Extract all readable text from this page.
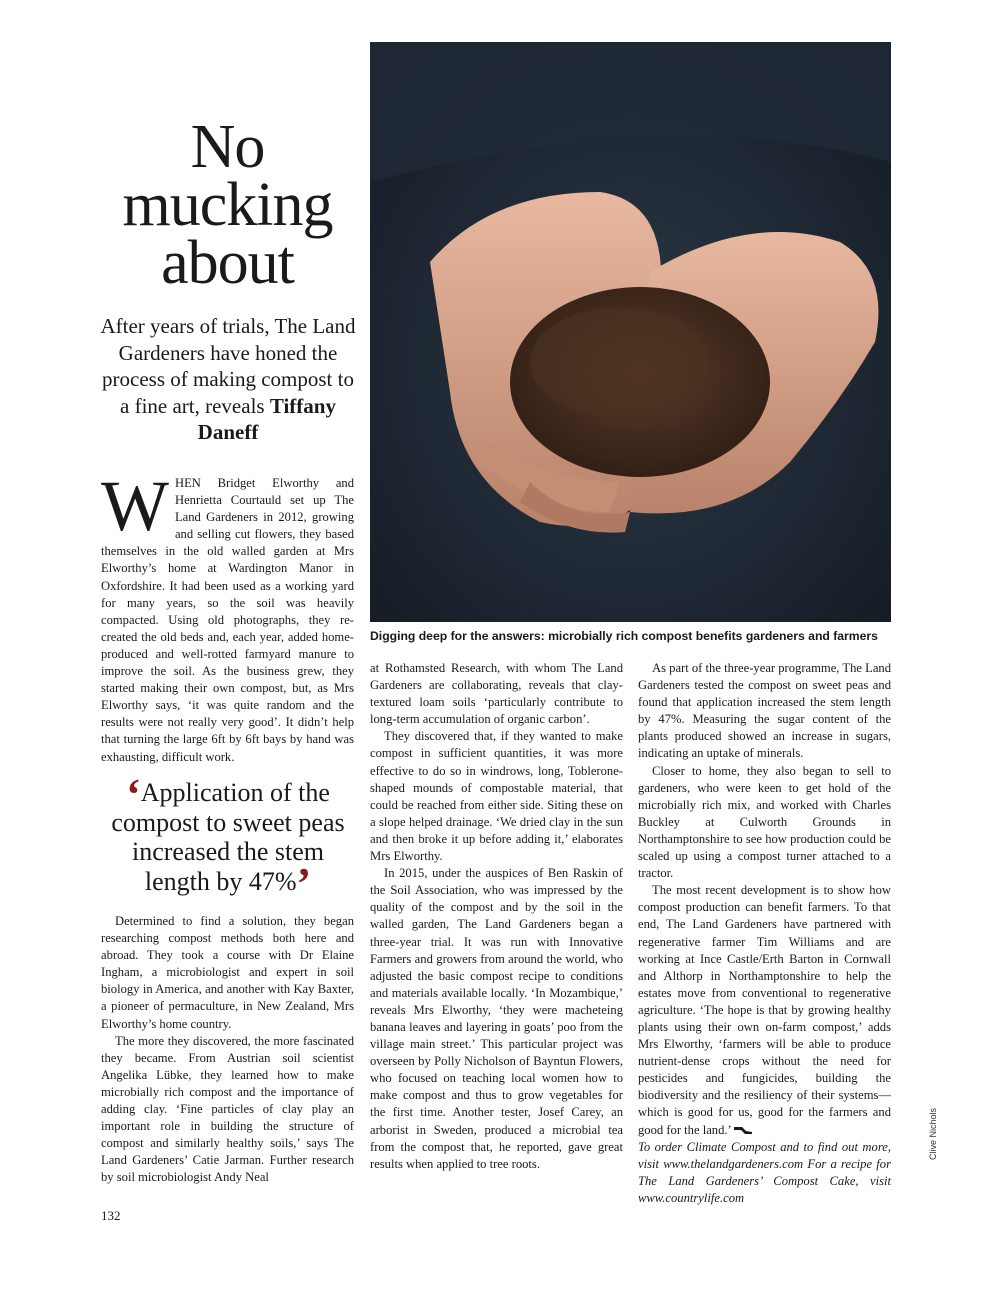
No
mucking
about

After years of trials, The Land Gardeners have honed the process of making compost to a fine art, reveals Tiffany Daneff

Digging deep for the answers: microbially rich compost benefits gardeners and farmers

WHEN Bridget Elworthy and Henrietta Courtauld set up The Land Gardeners in 2012, growing and selling cut flowers, they based themselves in the old walled garden at Mrs Elworthy’s home at Wardington Manor in Oxfordshire. It had been used as a working yard for many years, so the soil was heavily compacted. Using old photographs, they re-created the old beds and, each year, added home-produced and well-rotted farmyard manure to improve the soil. As the business grew, they started making their own compost, but, as Mrs Elworthy says, ‘it was quite random and the results were not really very good’. It didn’t help that turning the large 6ft by 6ft bays by hand was exhausting, difficult work.

‘Application of the compost to sweet peas increased the stem length by 47%’

Determined to find a solution, they began researching compost methods both here and abroad. They took a course with Dr Elaine Ingham, a microbiologist and expert in soil biology in America, and another with Kay Baxter, a pioneer of permaculture, in New Zealand, Mrs Elworthy’s home country.

The more they discovered, the more fascinated they became. From Austrian soil scientist Angelika Lübke, they learned how to make microbially rich compost and the importance of adding clay. ‘Fine particles of clay play an important role in building the structure of compost and similarly healthy soils,’ says The Land Gardeners’ Catie Jarman. Further research by soil microbiologist Andy Neal

at Rothamsted Research, with whom The Land Gardeners are collaborating, reveals that clay-textured loam soils ‘particularly contribute to long-term accumulation of organic carbon’.

They discovered that, if they wanted to make compost in sufficient quantities, it was more effective to do so in windrows, long, Toblerone-shaped mounds of compostable material, that could be reached from either side. Siting these on a slope helped drainage. ‘We dried clay in the sun and then broke it up before adding it,’ elaborates Mrs Elworthy.

In 2015, under the auspices of Ben Raskin of the Soil Association, who was impressed by the quality of the compost and by the soil in the walled garden, The Land Gardeners began a three-year trial. It was run with Innovative Farmers and growers from around the world, who adjusted the basic compost recipe to conditions and materials available locally. ‘In Mozambique,’ reveals Mrs Elworthy, ‘they were macheteing banana leaves and layering in goats’ poo from the village main street.’ This particular project was overseen by Polly Nicholson of Bayntun Flowers, who focused on teaching local women how to make compost and thus to grow vegetables for the first time. Another tester, Josef Carey, an arborist in Sweden, produced a microbial tea from the compost that, he reported, gave great results when applied to tree roots.

As part of the three-year programme, The Land Gardeners tested the compost on sweet peas and found that application increased the stem length by 47%. Measuring the sugar content of the plants produced showed an increase in sugars, indicating an uptake of minerals.

Closer to home, they also began to sell to gardeners, who were keen to get hold of the microbially rich mix, and worked with Charles Buckley at Culworth Grounds in Northamptonshire to see how production could be scaled up using a compost turner attached to a tractor.

The most recent development is to show how compost production can benefit farmers. To that end, The Land Gardeners have partnered with regenerative farmer Tim Williams and are working at Ince Castle/Erth Barton in Cornwall and Althorp in Northamptonshire to help the estates move from conventional to regenerative agriculture. ‘The hope is that by growing healthy plants using their own on-farm compost,’ adds Mrs Elworthy, ‘farmers will be able to produce nutrient-dense crops without the need for pesticides and fungicides, building the biodiversity and the resiliency of their systems—which is good for us, good for the farmers and good for the land.’

To order Climate Compost and to find out more, visit www.thelandgardeners.com For a recipe for The Land Gardeners’ Compost Cake, visit www.countrylife.com

132

Clive Nichols
